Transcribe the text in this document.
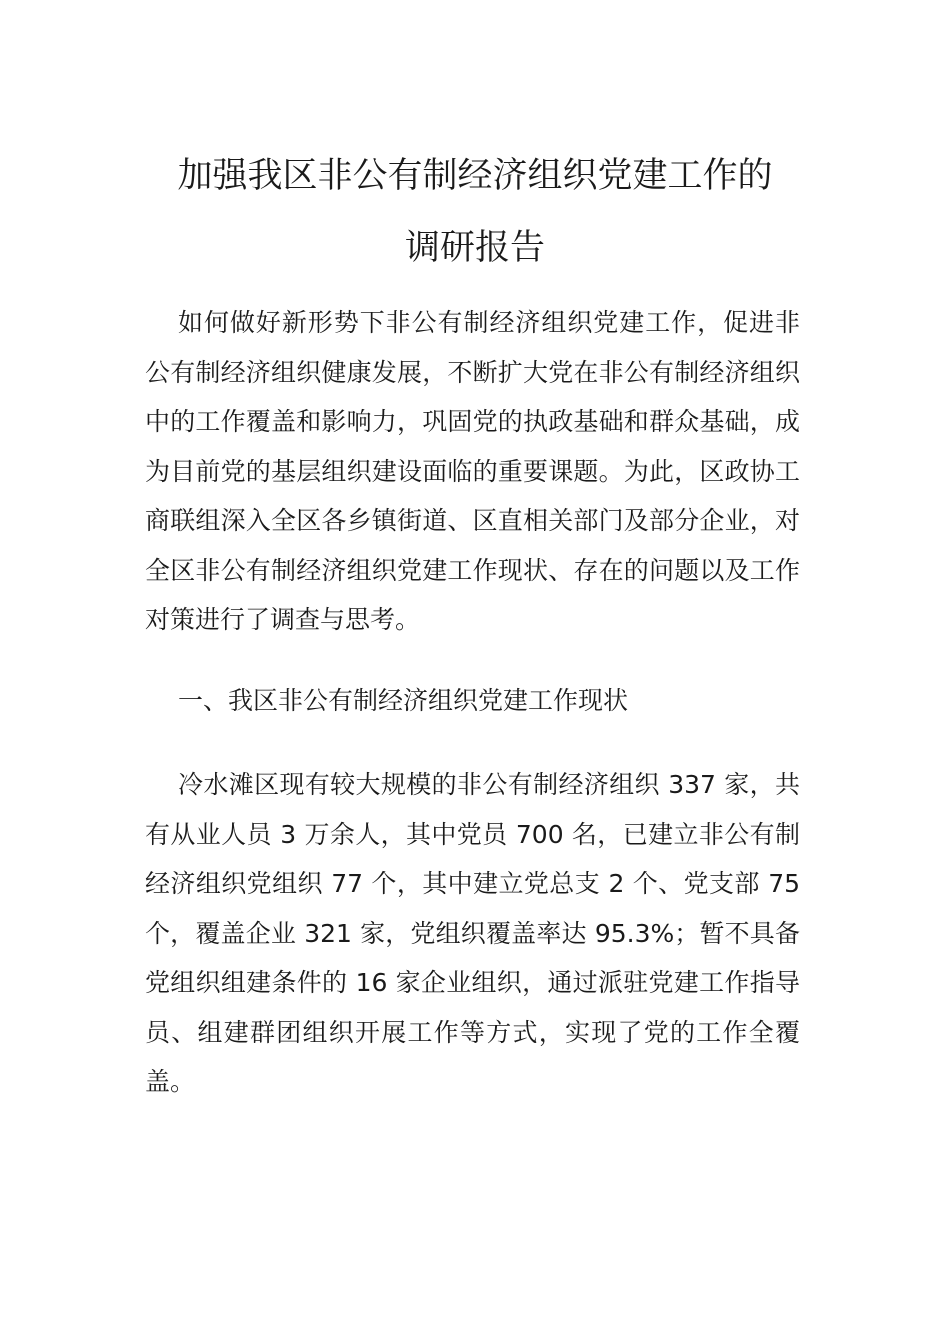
加强我区非公有制经济组织党建工作的
调研报告

如何做好新形势下非公有制经济组织党建工作，促进非公有制经济组织健康发展，不断扩大党在非公有制经济组织中的工作覆盖和影响力，巩固党的执政基础和群众基础，成为目前党的基层组织建设面临的重要课题。为此，区政协工商联组深入全区各乡镇街道、区直相关部门及部分企业，对全区非公有制经济组织党建工作现状、存在的问题以及工作对策进行了调查与思考。

一、我区非公有制经济组织党建工作现状

冷水滩区现有较大规模的非公有制经济组织 337 家，共有从业人员 3 万余人，其中党员 700 名，已建立非公有制经济组织党组织 77 个，其中建立党总支 2 个、党支部 75 个，覆盖企业 321 家，党组织覆盖率达 95.3%；暂不具备党组织组建条件的 16 家企业组织，通过派驻党建工作指导员、组建群团组织开展工作等方式，实现了党的工作全覆盖。
